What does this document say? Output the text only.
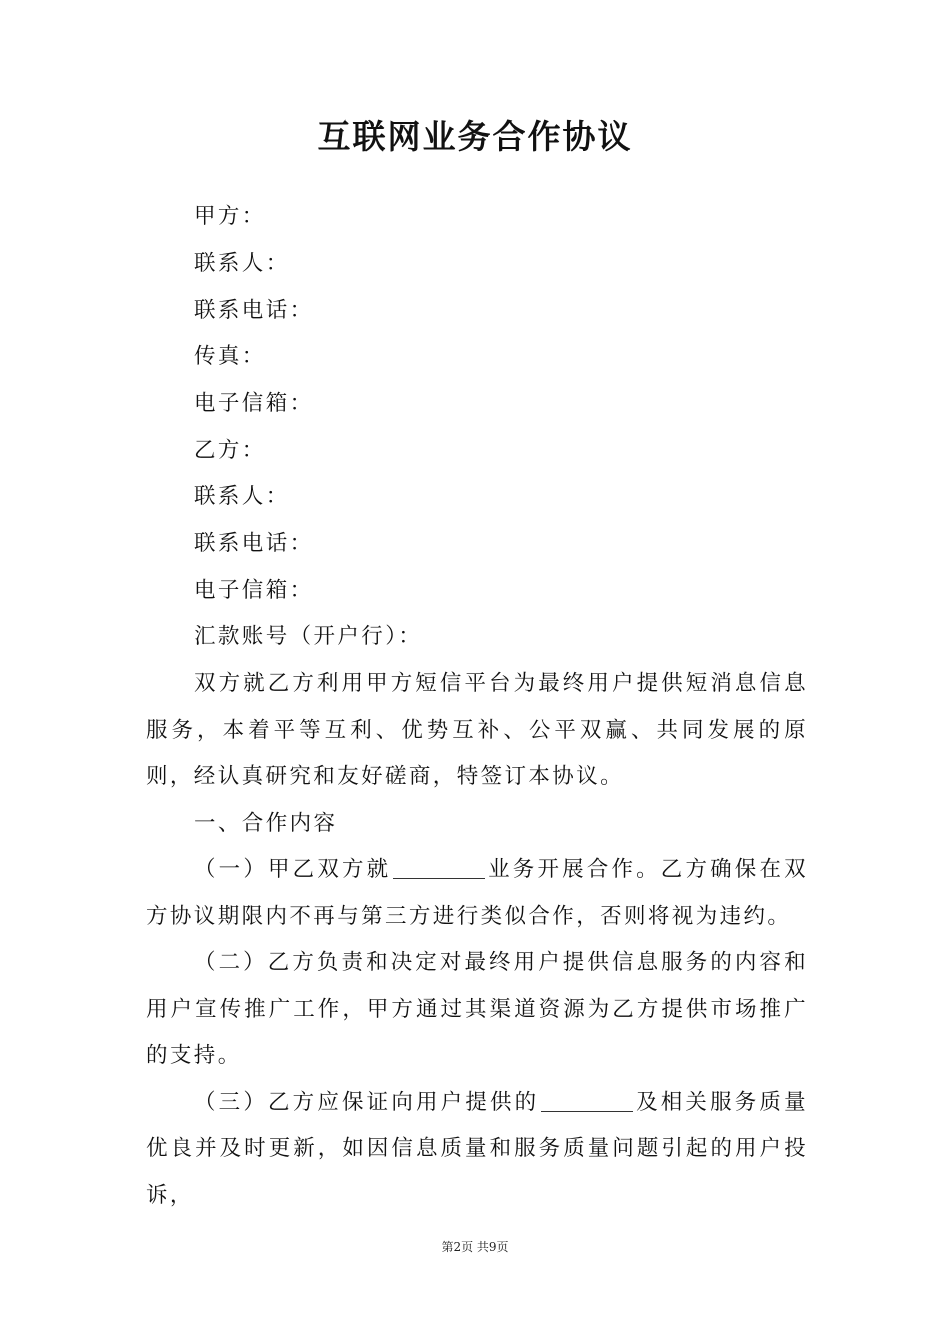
互联网业务合作协议
甲方：
联系人：
联系电话：
传真：
电子信箱：
乙方：
联系人：
联系电话：
电子信箱：
汇款账号（开户行）：

双方就乙方利用甲方短信平台为最终用户提供短消息信息服务，本着平等互利、优势互补、公平双赢、共同发展的原则，经认真研究和友好磋商，特签订本协议。

一、合作内容

（一）甲乙双方就	业务开展合作。乙方确保在双方协议期限内不再与第三方进行类似合作，否则将视为违约。

（二）乙方负责和决定对最终用户提供信息服务的内容和用户宣传推广工作，甲方通过其渠道资源为乙方提供市场推广的支持。

（三）乙方应保证向用户提供的	及相关服务质量优良并及时更新，如因信息质量和服务质量问题引起的用户投诉，

第2页 共9页
